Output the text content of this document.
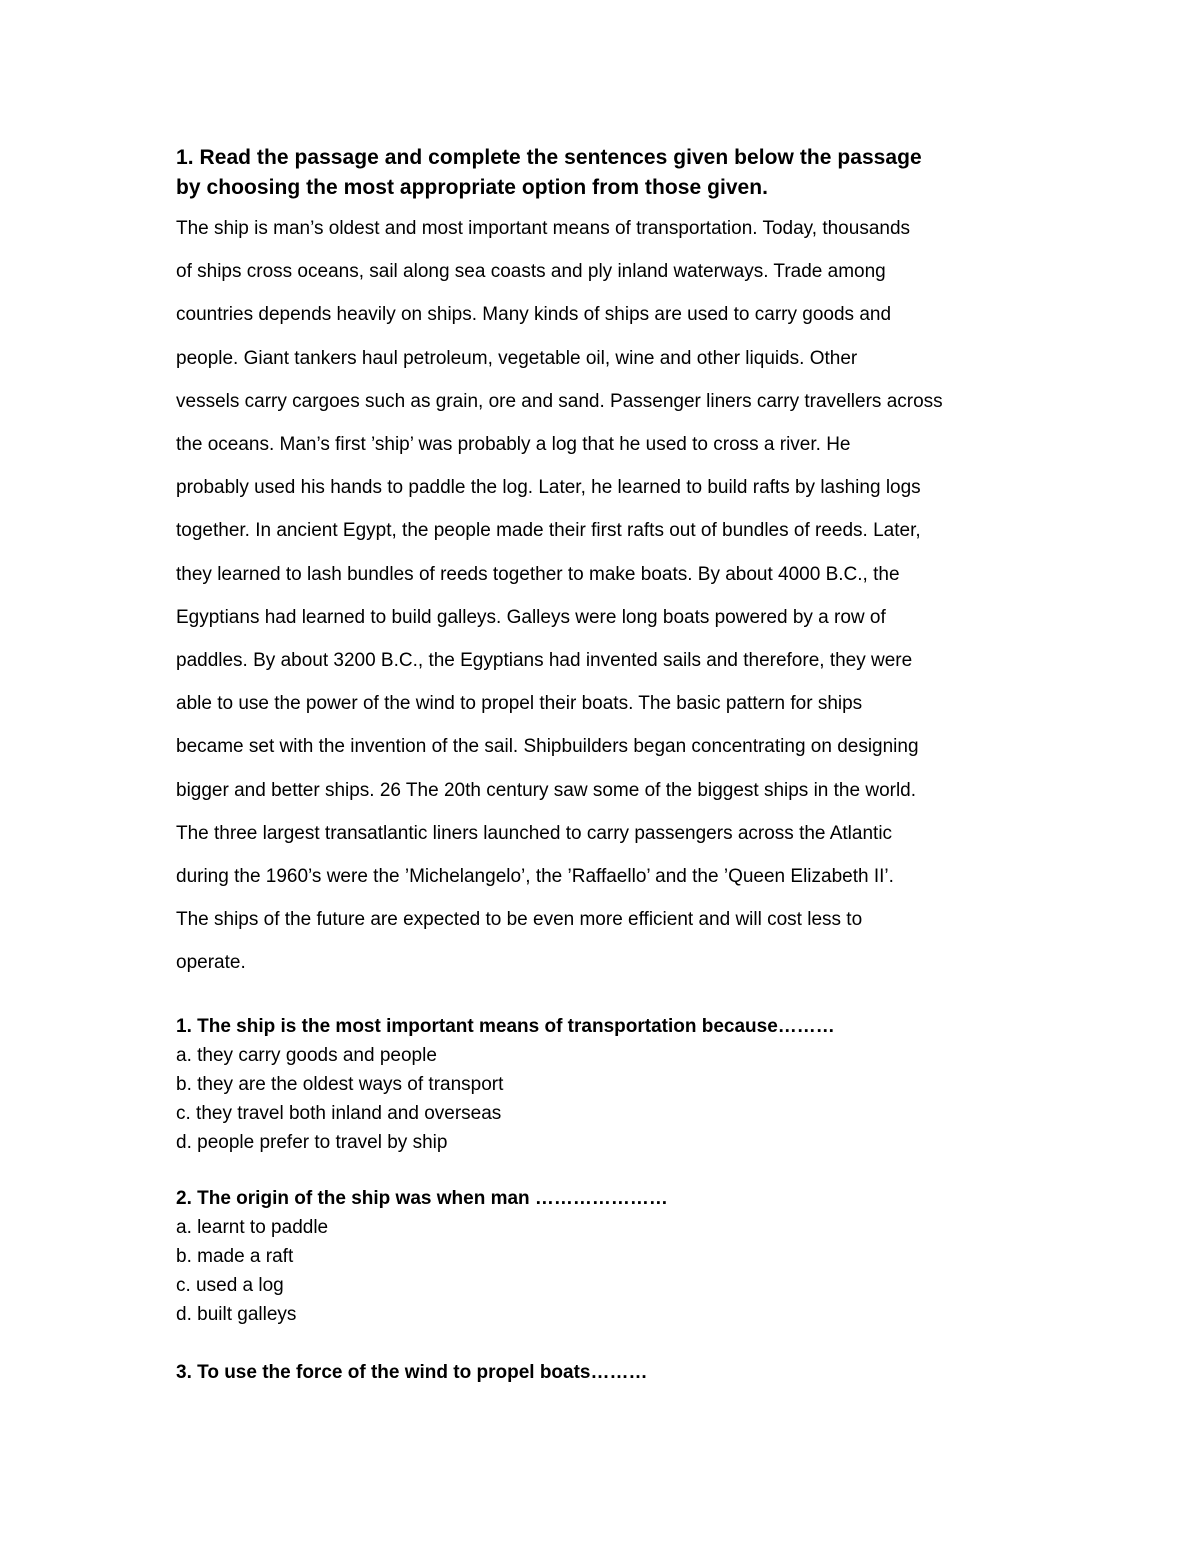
1. Read the passage and complete the sentences given below the passage
by choosing the most appropriate option from those given.

The ship is man’s oldest and most important means of transportation. Today, thousands
of ships cross oceans, sail along sea coasts and ply inland waterways. Trade among
countries depends heavily on ships. Many kinds of ships are used to carry goods and
people. Giant tankers haul petroleum, vegetable oil, wine and other liquids. Other
vessels carry cargoes such as grain, ore and sand. Passenger liners carry travellers across
the oceans. Man’s first ’ship’ was probably a log that he used to cross a river. He
probably used his hands to paddle the log. Later, he learned to build rafts by lashing logs
together. In ancient Egypt, the people made their first rafts out of bundles of reeds. Later,
they learned to lash bundles of reeds together to make boats. By about 4000 B.C., the
Egyptians had learned to build galleys. Galleys were long boats powered by a row of
paddles. By about 3200 B.C., the Egyptians had invented sails and therefore, they were
able to use the power of the wind to propel their boats. The basic pattern for ships
became set with the invention of the sail. Shipbuilders began concentrating on designing
bigger and better ships. 26 The 20th century saw some of the biggest ships in the world.
The three largest transatlantic liners launched to carry passengers across the Atlantic
during the 1960’s were the ’Michelangelo’, the ’Raffaello’ and the ’Queen Elizabeth II’.
The ships of the future are expected to be even more efficient and will cost less to
operate.

1. The ship is the most important means of transportation because………
a. they carry goods and people
b. they are the oldest ways of transport
c. they travel both inland and overseas
d. people prefer to travel by ship
2. The origin of the ship was when man …………………
a. learnt to paddle
b. made a raft
c. used a log
d. built galleys
3. To use the force of the wind to propel boats………
